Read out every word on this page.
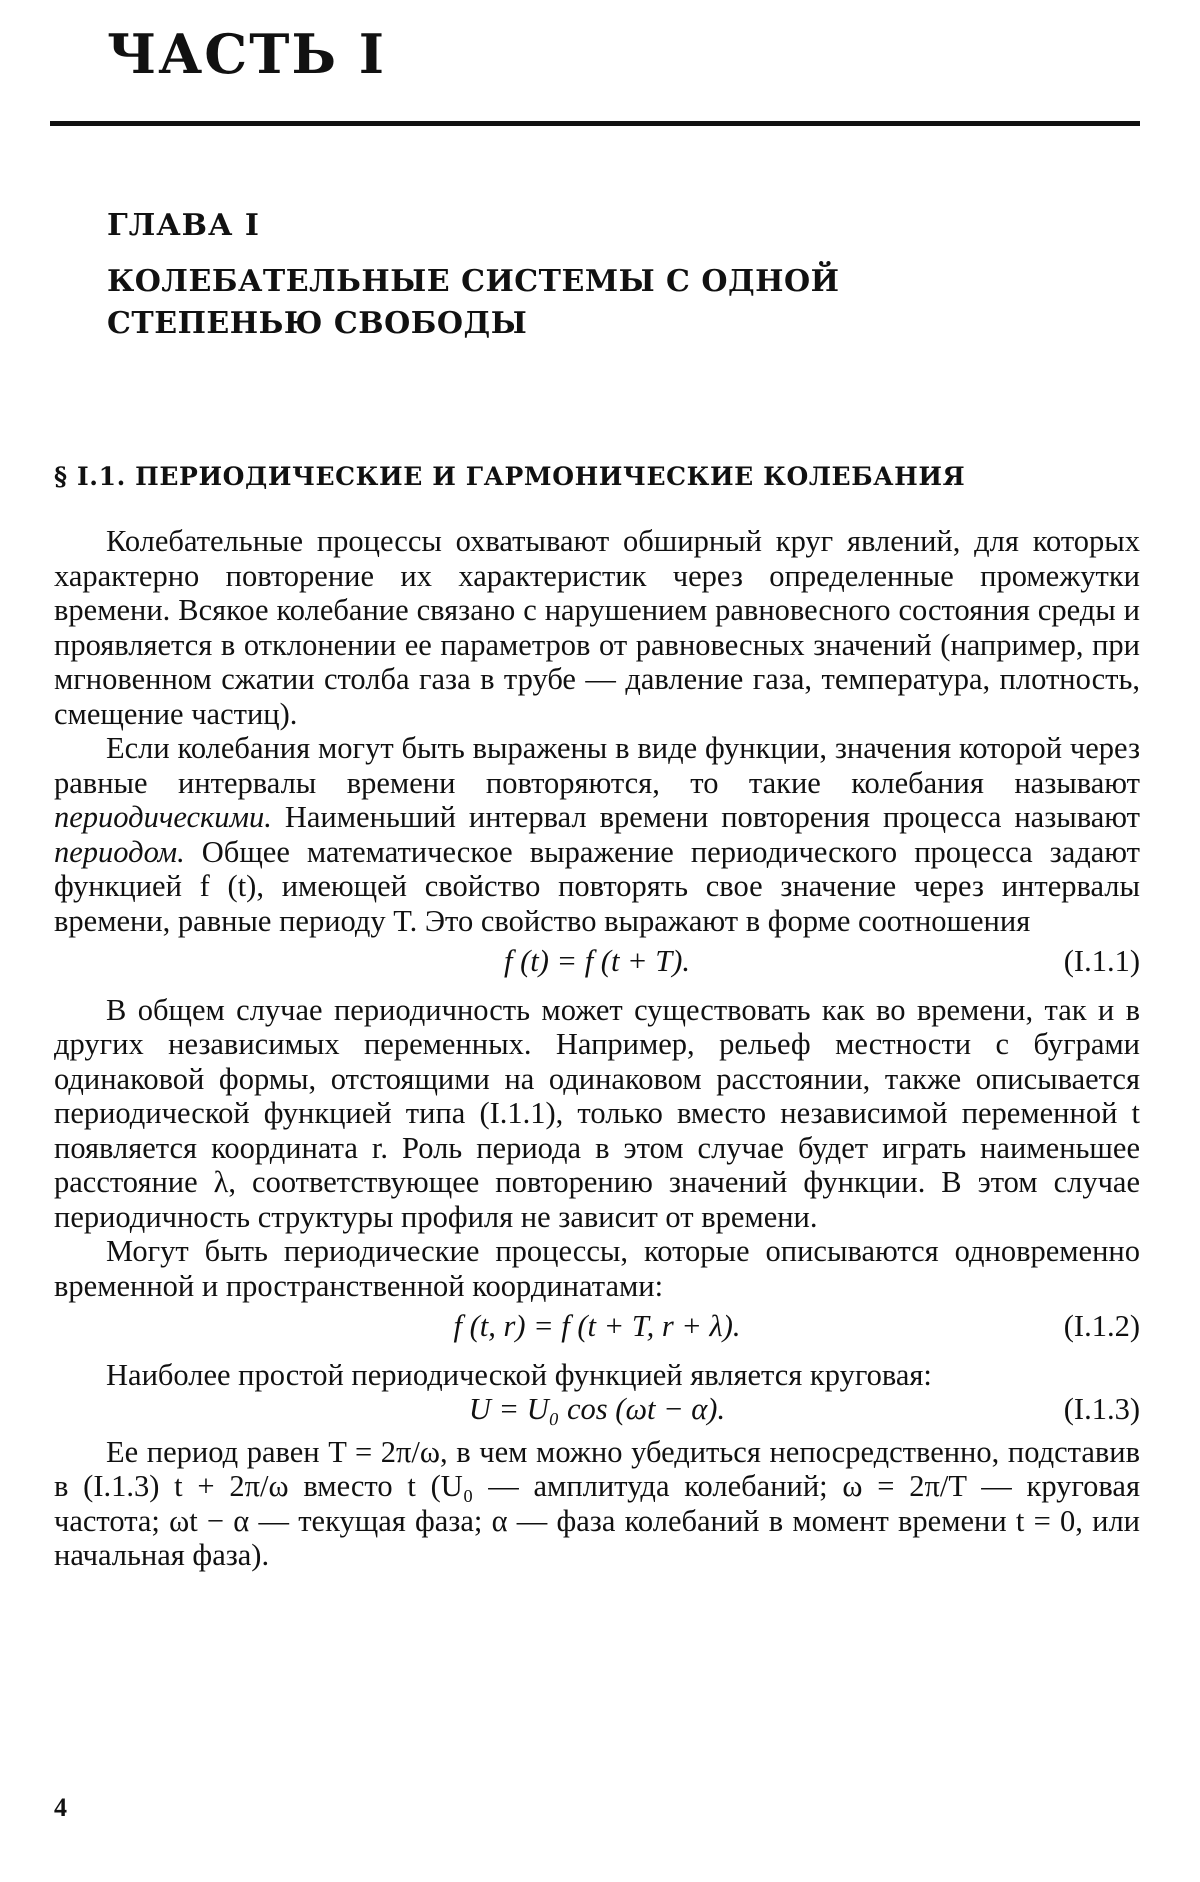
ЧАСТЬ I

ГЛАВА I

КОЛЕБАТЕЛЬНЫЕ СИСТЕМЫ С ОДНОЙ

СТЕПЕНЬЮ СВОБОДЫ

§ I.1. ПЕРИОДИЧЕСКИЕ И ГАРМОНИЧЕСКИЕ КОЛЕБАНИЯ

Колебательные процессы охватывают обширный круг явлений, для которых характерно повторение их характеристик через определенные промежутки времени. Всякое колебание связано с нарушением равновесного состояния среды и проявляется в отклонении ее параметров от равновесных значений (например, при мгновенном сжатии столба газа в трубе — давление газа, температура, плотность, смещение частиц).

Если колебания могут быть выражены в виде функции, значения которой через равные интервалы времени повторяются, то такие колебания называют периодическими. Наименьший интервал времени повторения процесса называют периодом. Общее математическое выражение периодического процесса задают функцией f (t), имеющей свойство повторять свое значение через интервалы времени, равные периоду T. Это свойство выражают в форме соотношения

f (t) = f (t + T).	(I.1.1)

В общем случае периодичность может существовать как во времени, так и в других независимых переменных. Например, рельеф местности с буграми одинаковой формы, отстоящими на одинаковом расстоянии, также описывается периодической функцией типа (I.1.1), только вместо независимой переменной t появляется координата r. Роль периода в этом случае будет играть наименьшее расстояние λ, соответствующее повторению значений функции. В этом случае периодичность структуры профиля не зависит от времени.

Могут быть периодические процессы, которые описываются одновременно временной и пространственной координатами:

f (t, r) = f (t + T, r + λ).	(I.1.2)

Наиболее простой периодической функцией является круговая:

U = U₀ cos (ωt − α).	(I.1.3)

Ее период равен T = 2π/ω, в чем можно убедиться непосредственно, подставив в (I.1.3) t + 2π/ω вместо t (U₀ — амплитуда колебаний; ω = 2π/T — круговая частота; ωt − α — текущая фаза; α — фаза колебаний в момент времени t = 0, или начальная фаза).

4
